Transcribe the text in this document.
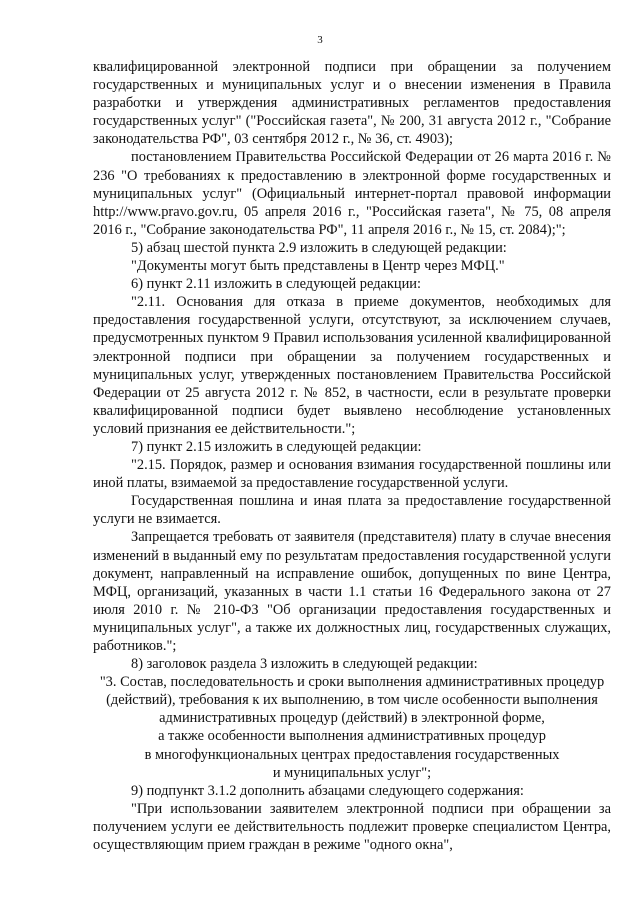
3

квалифицированной электронной подписи при обращении за получением государственных и муниципальных услуг и о внесении изменения в Правила разработки и утверждения административных регламентов предоставления государственных услуг" ("Российская газета", № 200, 31 августа 2012 г., "Собрание законодательства РФ", 03 сентября 2012 г., № 36, ст. 4903);

постановлением Правительства Российской Федерации от 26 марта 2016 г. № 236 "О требованиях к предоставлению в электронной форме государственных и муниципальных услуг" (Официальный интернет-портал правовой информации http://www.pravo.gov.ru, 05 апреля 2016 г., "Российская газета", № 75, 08 апреля 2016 г., "Собрание законодательства РФ", 11 апреля 2016 г., № 15, ст. 2084);";

5) абзац шестой пункта 2.9 изложить в следующей редакции:

"Документы могут быть представлены в Центр через МФЦ."

6) пункт 2.11 изложить в следующей редакции:

"2.11. Основания для отказа в приеме документов, необходимых для предоставления государственной услуги, отсутствуют, за исключением случаев, предусмотренных пунктом 9 Правил использования усиленной квалифицированной электронной подписи при обращении за получением государственных и муниципальных услуг, утвержденных постановлением Правительства Российской Федерации от 25 августа 2012 г. № 852, в частности, если в результате проверки квалифицированной подписи будет выявлено несоблюдение установленных условий признания ее действительности.";

7) пункт 2.15 изложить в следующей редакции:

"2.15. Порядок, размер и основания взимания государственной пошлины или иной платы, взимаемой за предоставление государственной услуги.

Государственная пошлина и иная плата за предоставление государственной услуги не взимается.

Запрещается требовать от заявителя (представителя) плату в случае внесения изменений в выданный ему по результатам предоставления государственной услуги документ, направленный на исправление ошибок, допущенных по вине Центра, МФЦ, организаций, указанных в части 1.1 статьи 16 Федерального закона от 27 июля 2010 г. № 210-ФЗ "Об организации предоставления государственных и муниципальных услуг", а также их должностных лиц, государственных служащих, работников.";

8) заголовок раздела 3 изложить в следующей редакции:

"3. Состав, последовательность и сроки выполнения административных процедур (действий), требования к их выполнению, в том числе особенности выполнения административных процедур (действий) в электронной форме,

а также особенности выполнения административных процедур

в многофункциональных центрах предоставления государственных

и муниципальных услуг";

9) подпункт 3.1.2 дополнить абзацами следующего содержания:

"При использовании заявителем электронной подписи при обращении за получением услуги ее действительность подлежит проверке специалистом Центра, осуществляющим прием граждан в режиме "одного окна",
